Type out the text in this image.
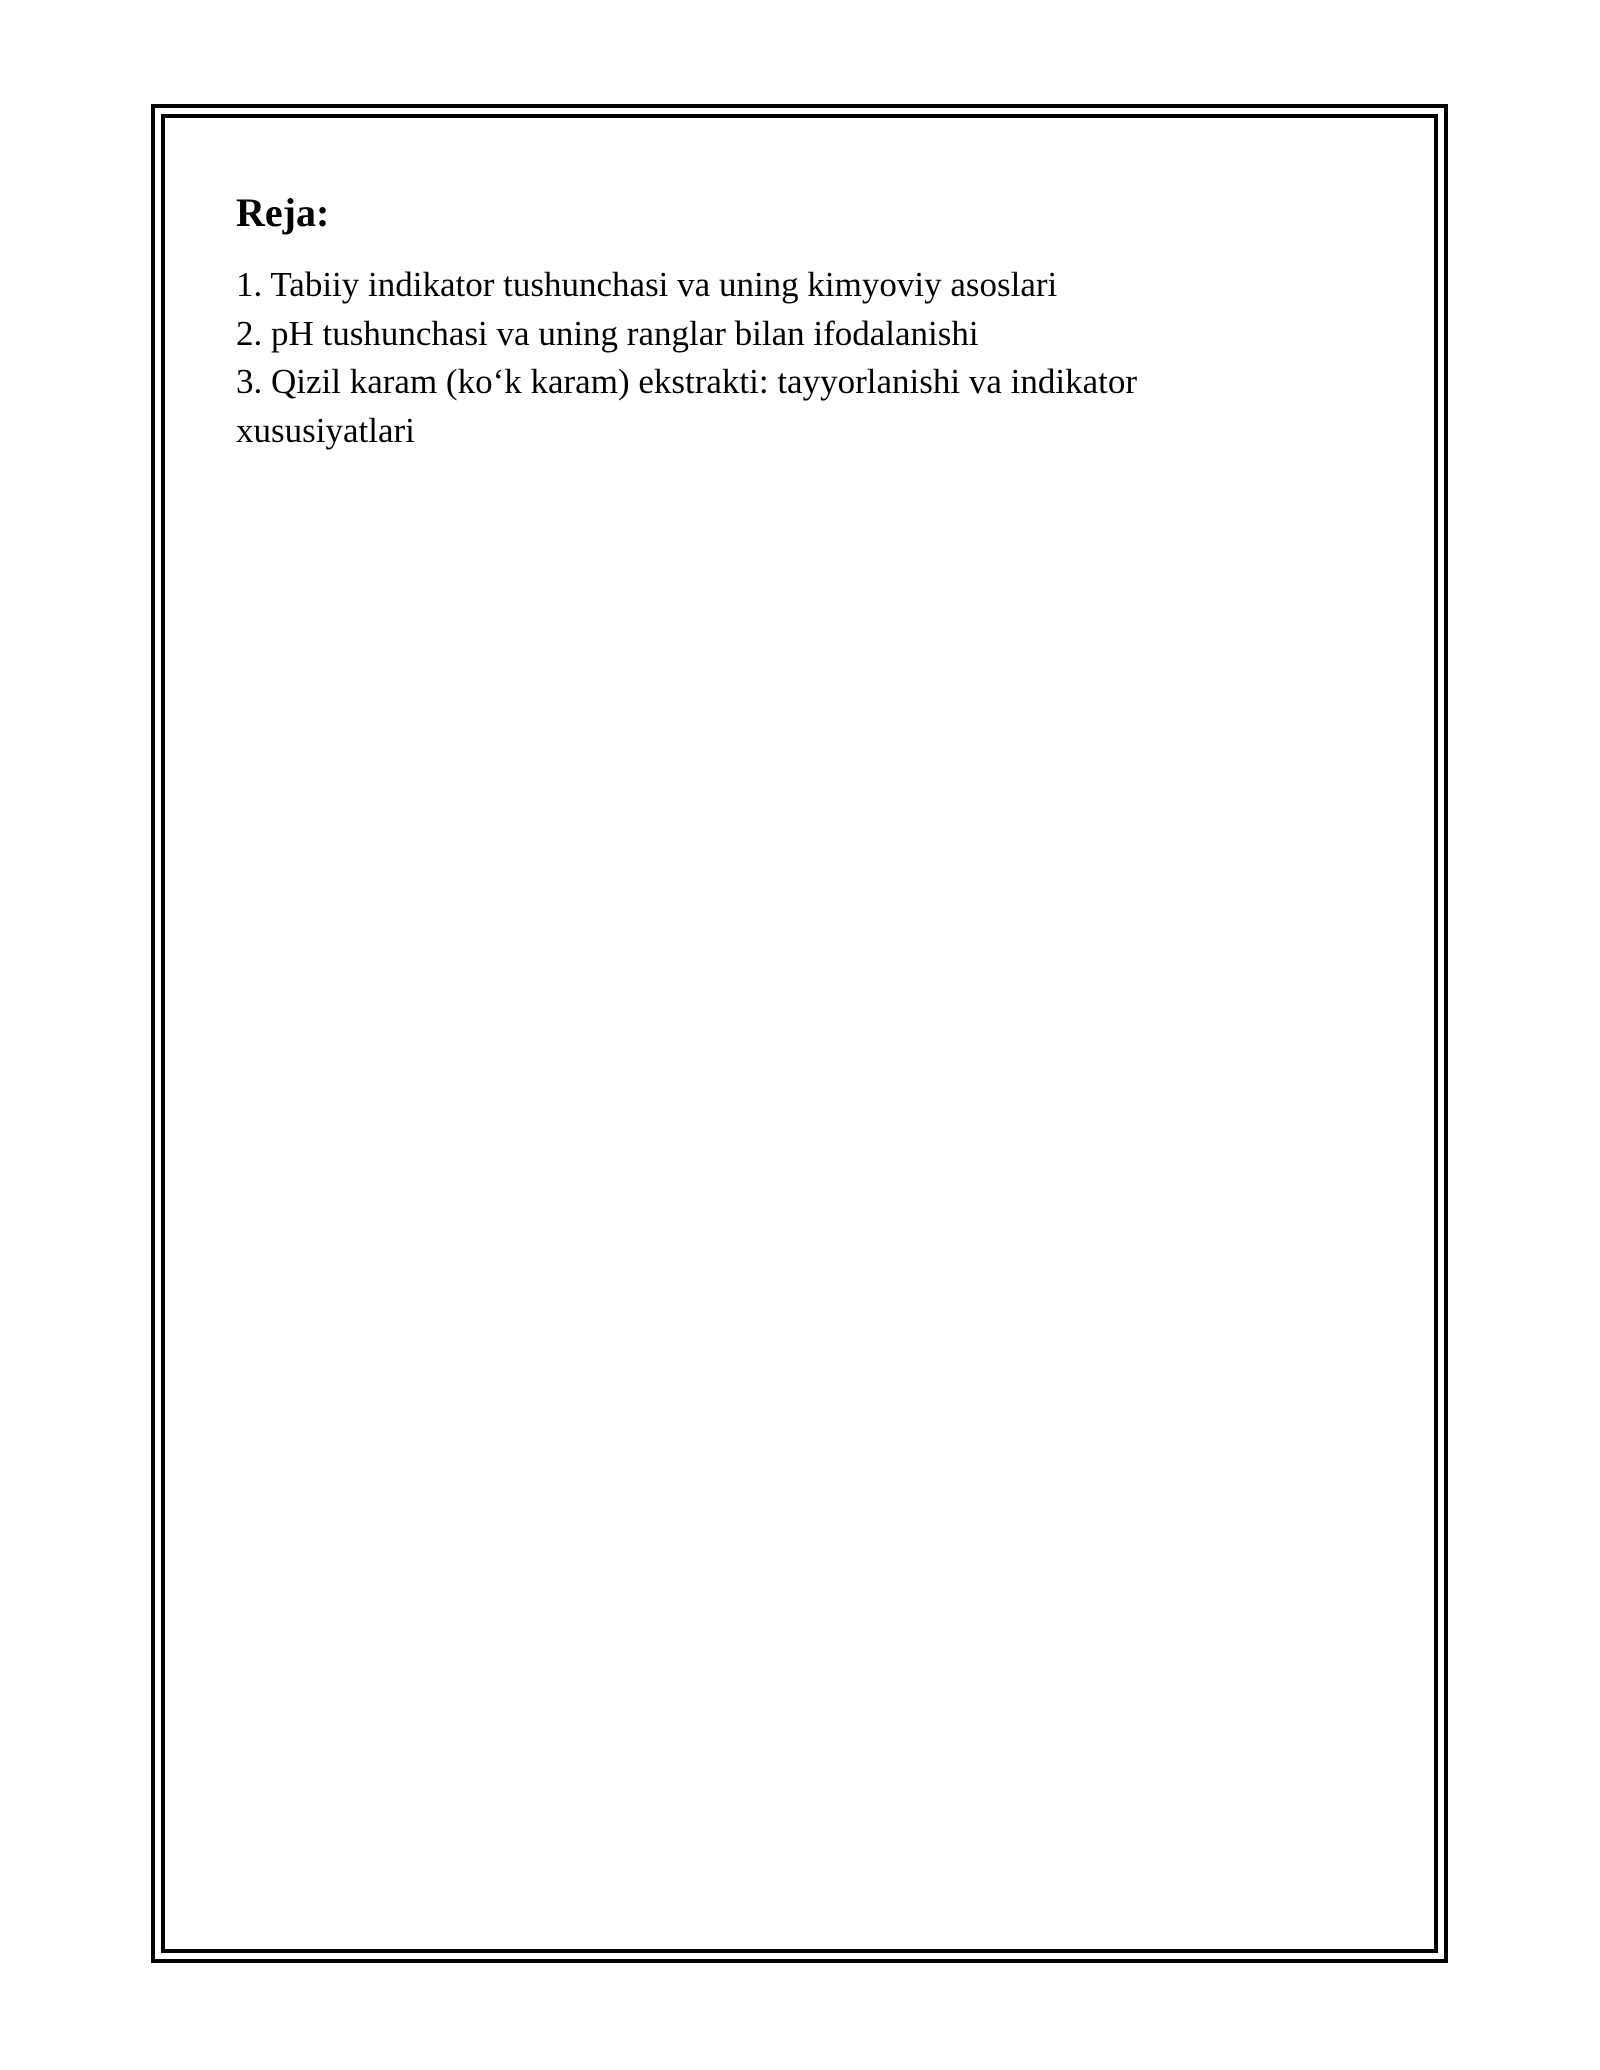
Reja:
1. Tabiiy indikator tushunchasi va uning kimyoviy asoslari
2. pH tushunchasi va uning ranglar bilan ifodalanishi
3. Qizil karam (ko‘k karam) ekstrakti: tayyorlanishi va indikator xususiyatlari
